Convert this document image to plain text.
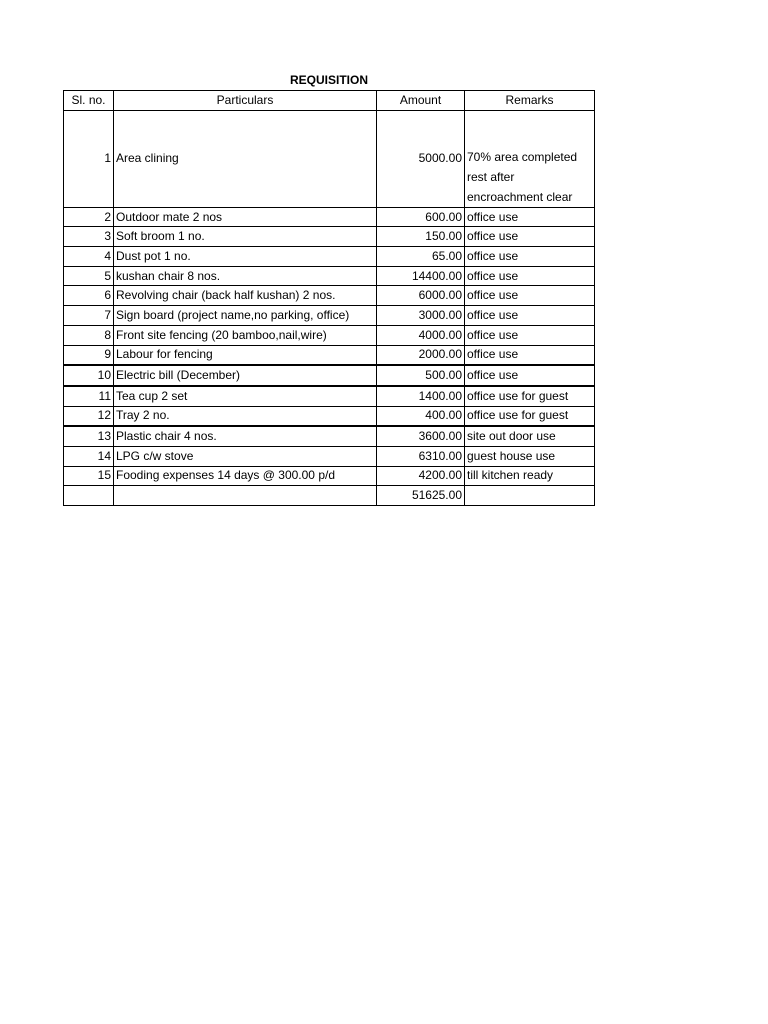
REQUISITION
Sl. no.	Particulars	Amount	Remarks
1	Area clining	5000.00	70% area completed rest after encroachment clear
2	Outdoor mate 2 nos	600.00	office use
3	Soft broom 1 no.	150.00	office use
4	Dust pot 1 no.	65.00	office use
5	kushan chair 8 nos.	14400.00	office use
6	Revolving chair (back half kushan) 2 nos.	6000.00	office use
7	Sign board (project name,no parking, office)	3000.00	office use
8	Front site fencing (20 bamboo,nail,wire)	4000.00	office use
9	Labour for fencing	2000.00	office use
10	Electric bill (December)	500.00	office use
11	Tea cup 2 set	1400.00	office use for guest
12	Tray 2 no.	400.00	office use for guest
13	Plastic chair 4 nos.	3600.00	site out door use
14	LPG c/w stove	6310.00	guest house use
15	Fooding expenses 14 days @ 300.00 p/d	4200.00	till kitchen ready
		51625.00	
